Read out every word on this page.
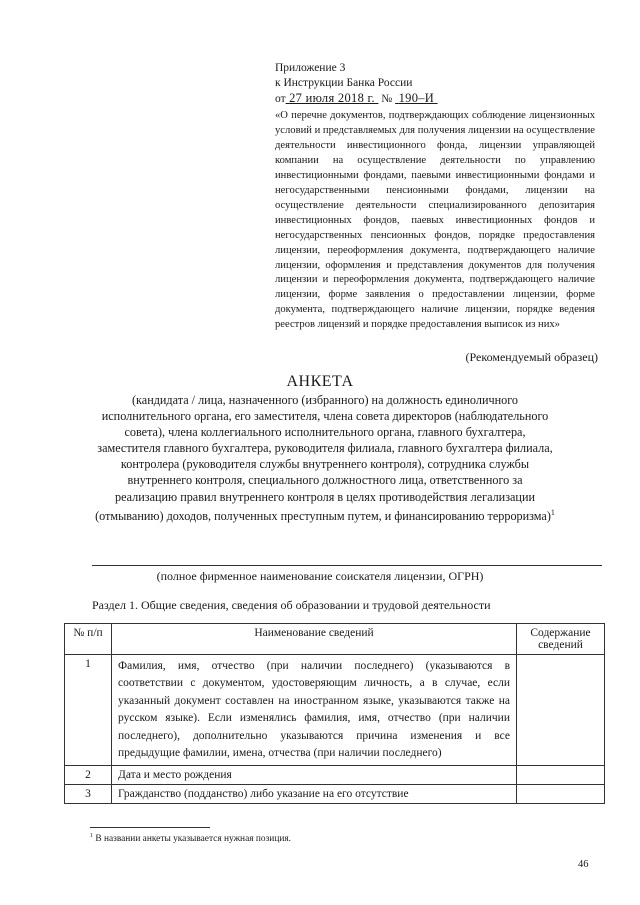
Приложение 3
к Инструкции Банка России
от 27 июля 2018 г. № 190–И
«О перечне документов, подтверждающих соблюдение лицензионных условий и представляемых для получения лицензии на осуществление деятельности инвестиционного фонда, лицензии управляющей компании на осуществление деятельности по управлению инвестиционными фондами, паевыми инвестиционными фондами и негосударственными пенсионными фондами, лицензии на осуществление деятельности специализированного депозитария инвестиционных фондов, паевых инвестиционных фондов и негосударственных пенсионных фондов, порядке предоставления лицензии, переоформления документа, подтверждающего наличие лицензии, оформления и представления документов для получения лицензии и переоформления документа, подтверждающего наличие лицензии, форме заявления о предоставлении лицензии, форме документа, подтверждающего наличие лицензии, порядке ведения реестров лицензий и порядке предоставления выписок из них»
(Рекомендуемый образец)
АНКЕТА
(кандидата / лица, назначенного (избранного) на должность единоличного исполнительного органа, его заместителя, члена совета директоров (наблюдательного совета), члена коллегиального исполнительного органа, главного бухгалтера, заместителя главного бухгалтера, руководителя филиала, главного бухгалтера филиала, контролера (руководителя службы внутреннего контроля), сотрудника службы внутреннего контроля, специального должностного лица, ответственного за реализацию правил внутреннего контроля в целях противодействия легализации (отмыванию) доходов, полученных преступным путем, и финансированию терроризма)$^1$
(полное фирменное наименование соискателя лицензии, ОГРН)
Раздел 1. Общие сведения, сведения об образовании и трудовой деятельности
№ п/п	Наименование сведений	Содержание сведений
1	Фамилия, имя, отчество (при наличии последнего) (указываются в соответствии с документом, удостоверяющим личность, а в случае, если указанный документ составлен на иностранном языке, указываются также на русском языке). Если изменялись фамилия, имя, отчество (при наличии последнего), дополнительно указываются причина изменения и все предыдущие фамилии, имена, отчества (при наличии последнего)	
2	Дата и место рождения	
3	Гражданство (подданство) либо указание на его отсутствие	
$^1$ В названии анкеты указывается нужная позиция.
46
